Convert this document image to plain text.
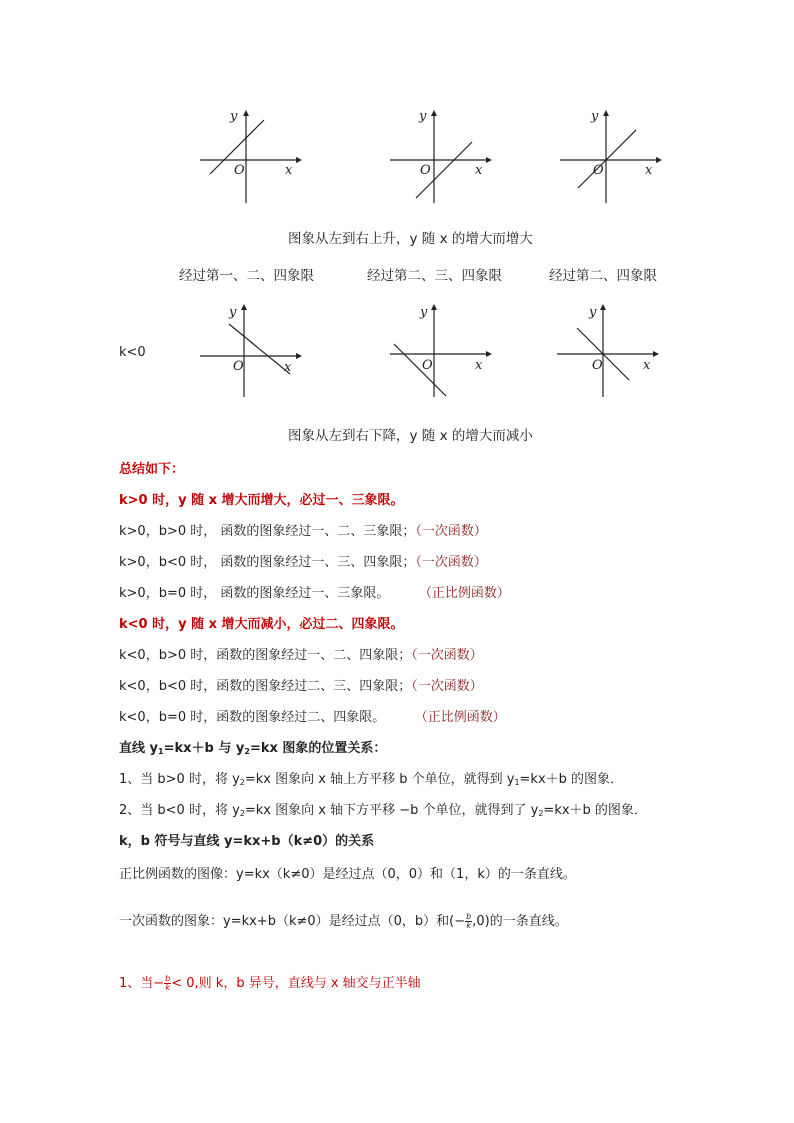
y
O	x
y
O	x
y
O	x
图象从左到右上升，y 随 x 的增大而增大
经过第一、二、四象限	经过第二、三、四象限	经过第二、四象限
k<0
y
O	x
y
O	x
y
O	x
图象从左到右下降，y 随 x 的增大而减小
总结如下：
k>0 时，y 随 x 增大而增大，必过一、三象限。
k>0，b>0 时， 函数的图象经过一、二、三象限；（一次函数）
k>0，b<0 时， 函数的图象经过一、三、四象限；（一次函数）
k>0，b=0 时， 函数的图象经过一、三象限。	（正比例函数）
k<0 时，y 随 x 增大而减小，必过二、四象限。
k<0，b>0 时，函数的图象经过一、二、四象限；（一次函数）
k<0，b<0 时，函数的图象经过二、三、四象限；（一次函数）
k<0，b=0 时，函数的图象经过二、四象限。	（正比例函数）
直线 $y_1=kx+b$ 与 $y_2=kx$ 图象的位置关系：
1、当 b>0 时，将 $y_2=kx$ 图象向 x 轴上方平移 b 个单位，就得到 $y_1=kx+b$ 的图象．
2、当 b<0 时，将 $y_2=kx$ 图象向 x 轴下方平移 −b 个单位，就得到了 $y_2=kx+b$ 的图象．
k，b 符号与直线 y=kx+b（k≠0）的关系
正比例函数的图像：y=kx（k≠0）是经过点（0，0）和（1，k）的一条直线。
一次函数的图象：y=kx+b（k≠0）是经过点（0，b）和(− $\frac{b}{k} ,0$)的一条直线。
1、当− $\frac{b}{k} < 0$,则 k，b 异号，直线与 x 轴交与正半轴
